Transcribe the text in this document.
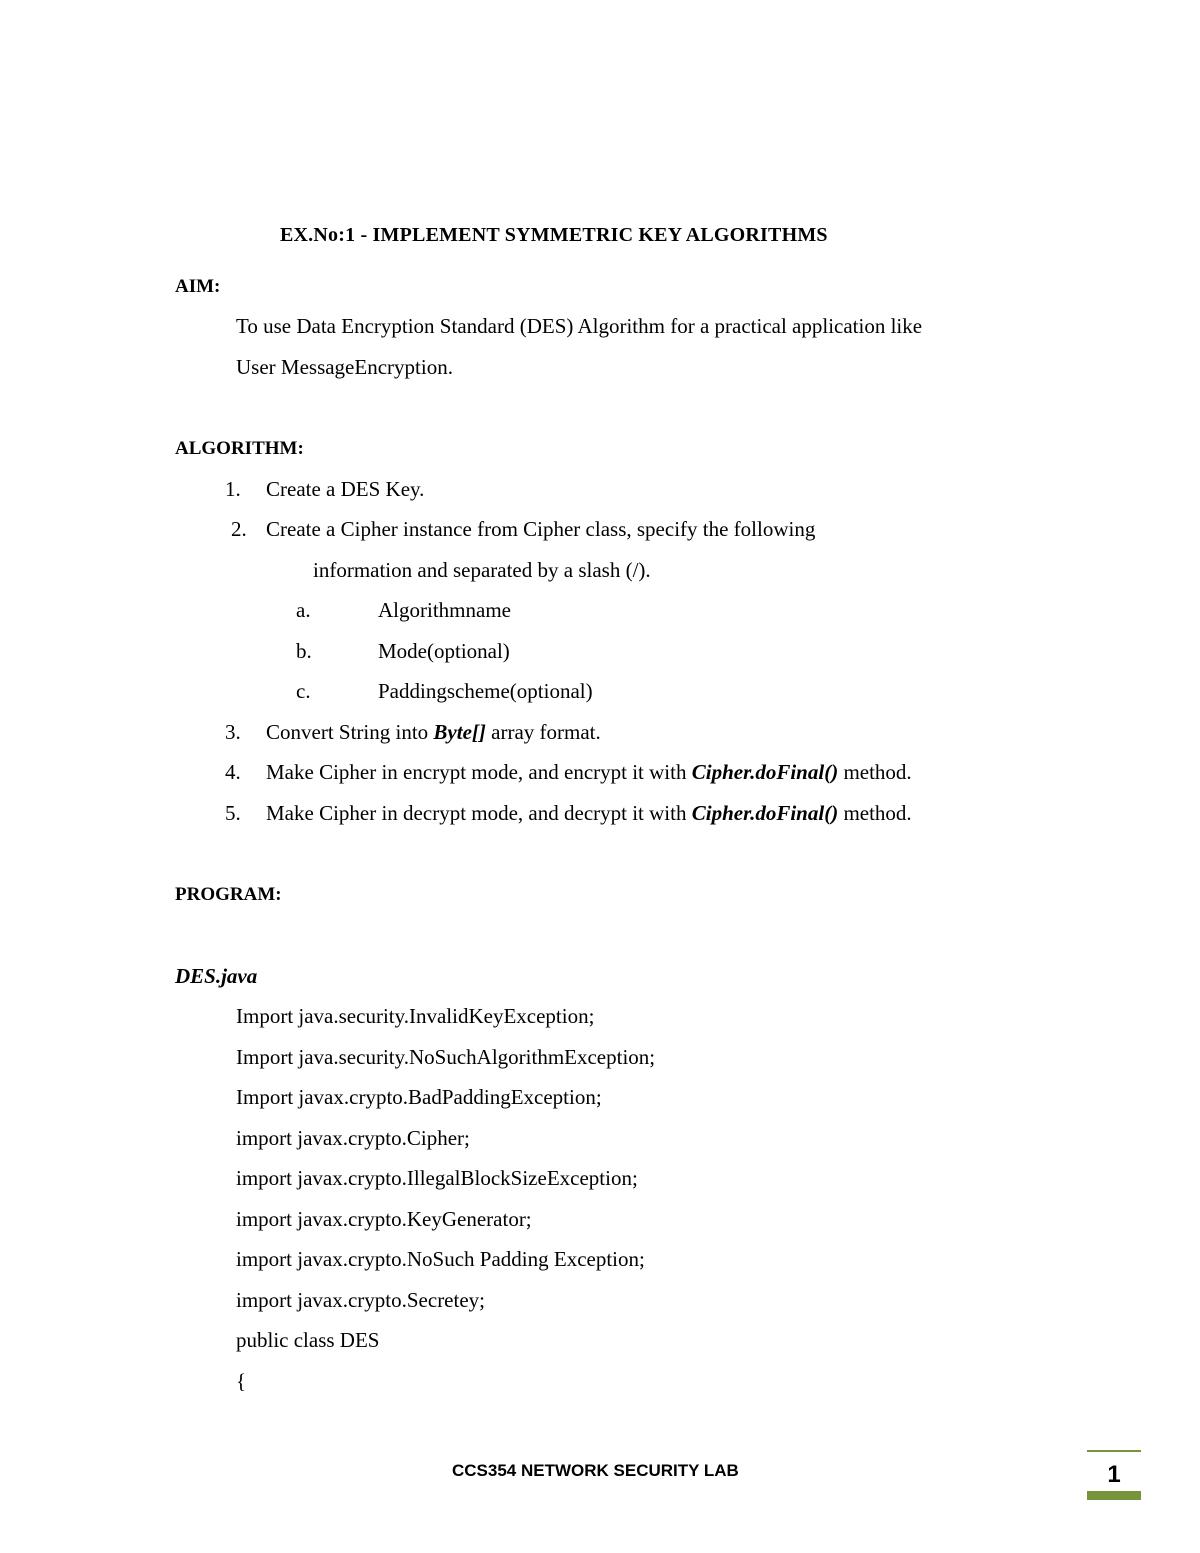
EX.No:1 - IMPLEMENT SYMMETRIC KEY ALGORITHMS
AIM:
To use Data Encryption Standard (DES) Algorithm for a practical application like
User MessageEncryption.
ALGORITHM:
1. Create a DES Key.
2. Create a Cipher instance from Cipher class, specify the following
information and separated by a slash (/).
a.	Algorithmname
b.	Mode(optional)
c.	Paddingscheme(optional)
3. Convert String into Byte[] array format.
4. Make Cipher in encrypt mode, and encrypt it with Cipher.doFinal() method.
5. Make Cipher in decrypt mode, and decrypt it with Cipher.doFinal() method.
PROGRAM:
DES.java
Import java.security.InvalidKeyException;
Import java.security.NoSuchAlgorithmException;
Import javax.crypto.BadPaddingException;
import javax.crypto.Cipher;
import javax.crypto.IllegalBlockSizeException;
import javax.crypto.KeyGenerator;
import javax.crypto.NoSuch Padding Exception;
import javax.crypto.Secretey;
public class DES
{
CCS354 NETWORK SECURITY LAB	1
